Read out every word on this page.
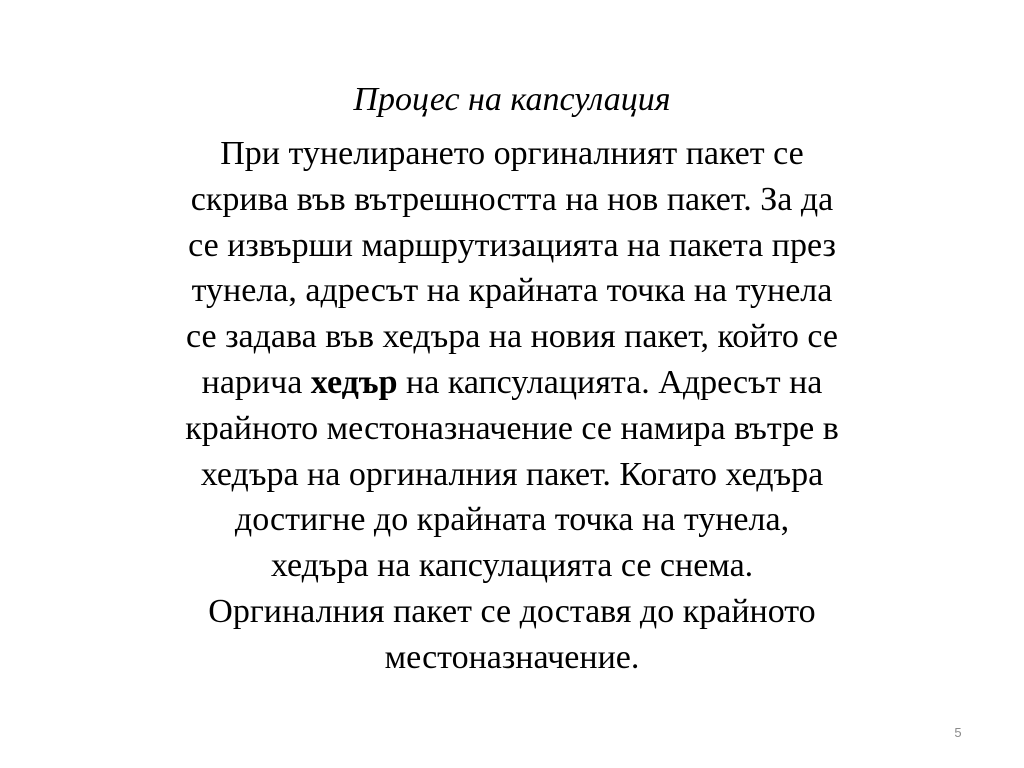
Процес на капсулация
При тунелирането оргиналният пакет се
скрива във вътрешността на нов пакет. За да
се извърши маршрутизацията на пакета през
тунела, адресът на крайната точка на тунела
се задава във хедъра на новия пакет, който се
нарича хедър на капсулацията. Адресът на
крайното местоназначение се намира вътре в
хедъра на оргиналния пакет. Когато хедъра
достигне до крайната точка на тунела,
хедъра на капсулацията се снема.
Оргиналния пакет се доставя до крайното
местоназначение.
5
